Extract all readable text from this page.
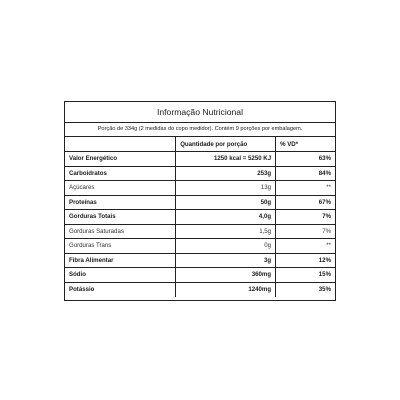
Informação Nutricional
Porção de 334g (2 medidas do copo medidor). Contém 9 porções por embalagem.
	Quantidade por porção	% VD*
Valor Energético	1250 kcal = 5250 KJ	63%
Carboidratos	253g	84%
Açúcares	13g	**
Proteínas	50g	67%
Gorduras Totais	4,0g	7%
Gorduras Saturadas	1,5g	7%
Gorduras Trans	0g	**
Fibra Alimentar	3g	12%
Sódio	360mg	15%
Potássio	1240mg	35%
